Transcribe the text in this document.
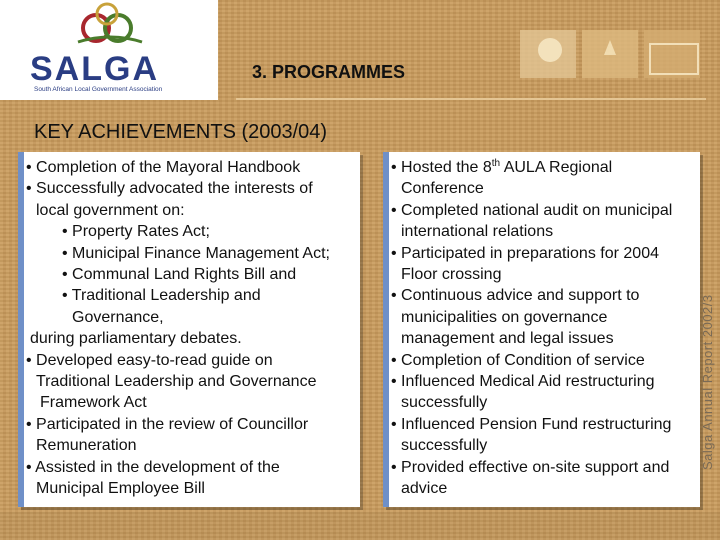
SALGA
South African Local Government Association
3. PROGRAMMES
KEY ACHIEVEMENTS (2003/04)
• Completion of the Mayoral Handbook
• Successfully advocated the interests of
local government on:
• Property Rates Act;
• Municipal Finance Management Act;
• Communal Land Rights Bill and
• Traditional Leadership and
Governance,
during parliamentary debates.
• Developed easy-to-read guide on
Traditional Leadership and Governance
Framework Act
• Participated in the review of Councillor
Remuneration
• Assisted in the development of the
Municipal Employee Bill
• Hosted the 8th AULA Regional
Conference
• Completed national audit on municipal
international relations
• Participated in preparations for 2004
Floor crossing
• Continuous advice and support to
municipalities on governance
management and legal issues
• Completion of Condition of service
• Influenced Medical Aid restructuring
successfully
• Influenced Pension Fund restructuring
successfully
• Provided effective on-site support and
advice
Salga Annual Report 2002/3
